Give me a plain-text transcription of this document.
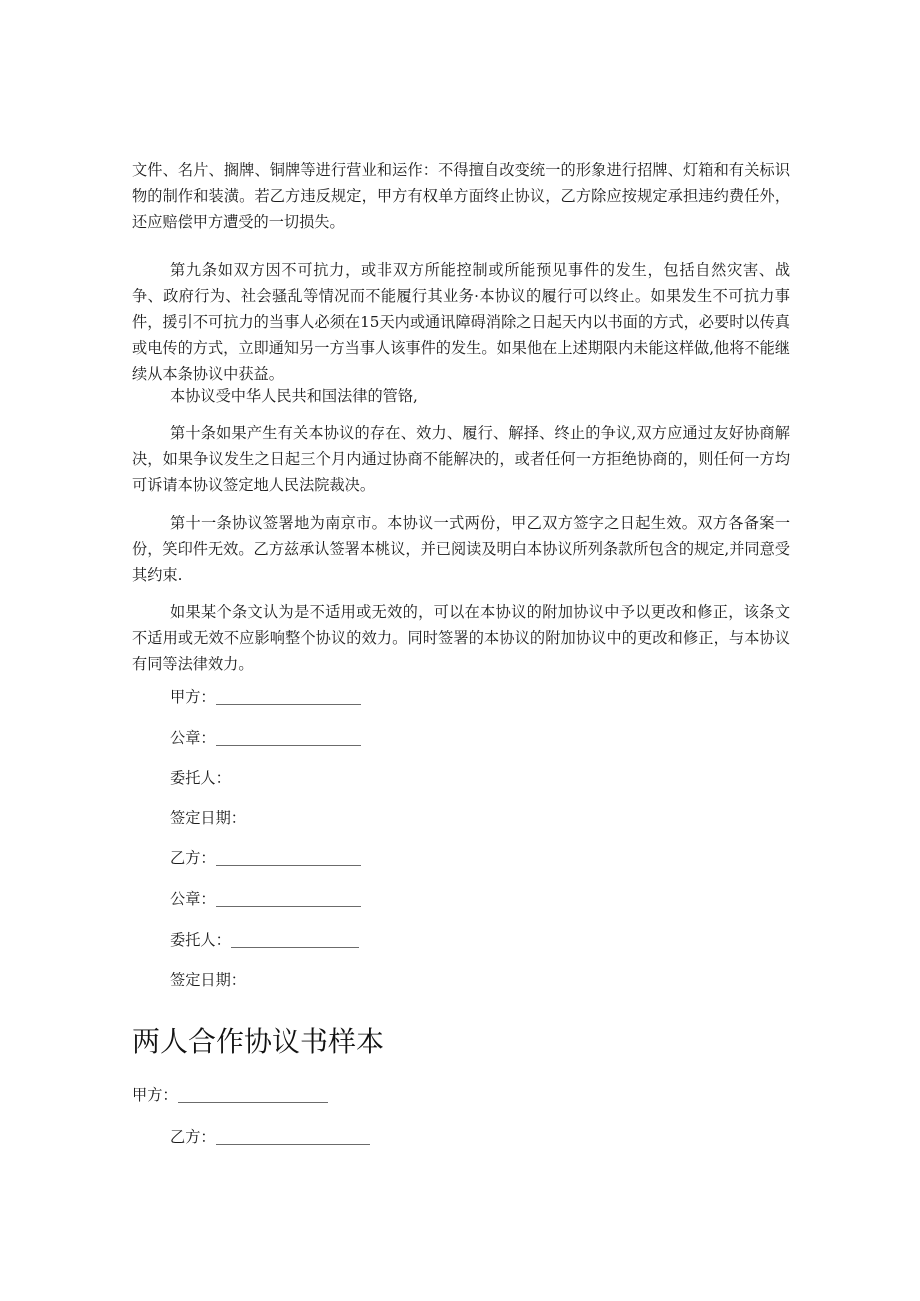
文件、名片、搁牌、铜牌等进行营业和运作：不得擅自改变统一的形象进行招牌、灯箱和有关标识物的制作和装潢。若乙方违反规定，甲方有权单方面终止协议，乙方除应按规定承担违约费任外，还应赔偿甲方遭受的一切损失。

第九条如双方因不可抗力，或非双方所能控制或所能预见事件的发生，包括自然灾害、战争、政府行为、社会骚乱等情况而不能履行其业务·本协议的履行可以终止。如果发生不可抗力事件，援引不可抗力的当事人必须在15天内或通讯障碍消除之日起天内以书面的方式，必要时以传真或电传的方式，立即通知另一方当事人该事件的发生。如果他在上述期限内未能这样做,他将不能继续从本条协议中获益。

本协议受中华人民共和国法律的管铬,

第十条如果产生有关本协议的存在、效力、履行、解择、终止的争议,双方应通过友好协商解决，如果争议发生之日起三个月内通过协商不能解决的，或者任何一方拒绝协商的，则任何一方均可诉请本协议签定地人民法院裁决。

第十一条协议签署地为南京市。本协议一式两份，甲乙双方签字之日起生效。双方各备案一份，笑印件无效。乙方兹承认签署本桃议，并已阅读及明白本协议所列条款所包含的规定,并同意受其约束.

如果某个条文认为是不适用或无效的，可以在本协议的附加协议中予以更改和修正，该条文不适用或无效不应影响整个协议的效力。同时签署的本协议的附加协议中的更改和修正，与本协议有同等法律效力。

甲方：
公章：
委托人：
签定日期：
乙方：
公章：
委托人：
签定日期：
两人合作协议书样本
甲方：
乙方：
